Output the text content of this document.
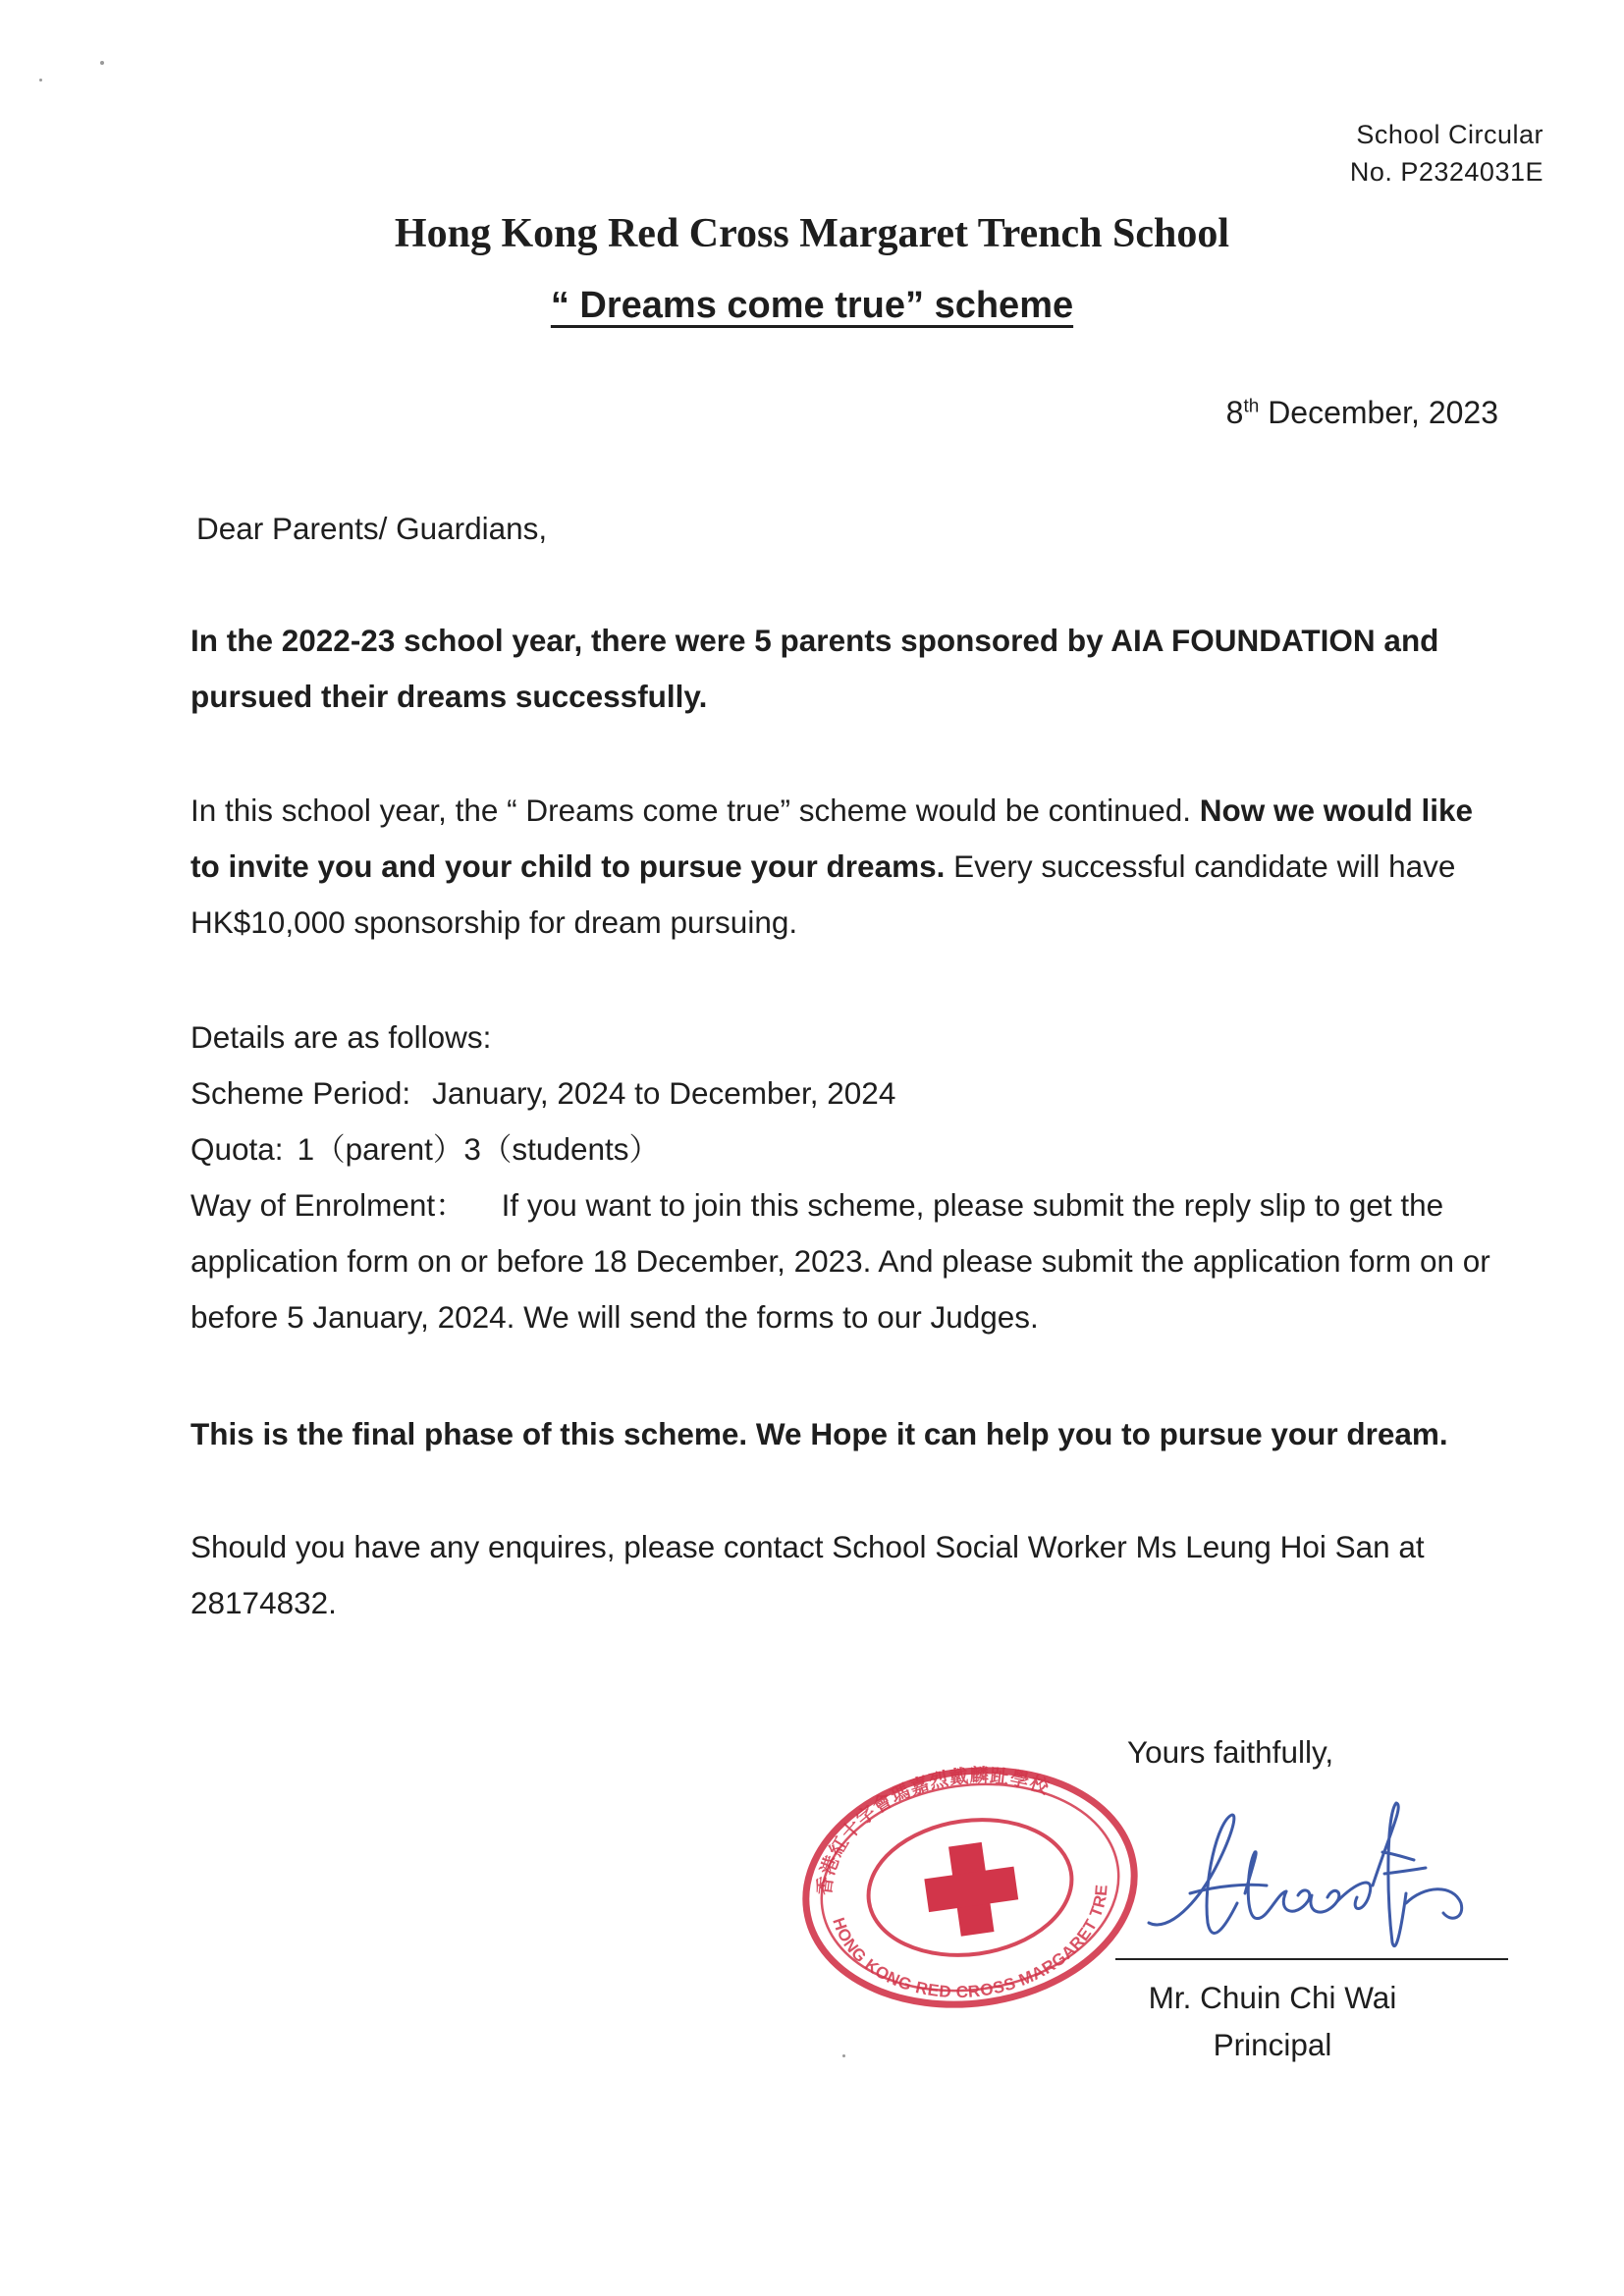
School Circular
No. P2324031E
Hong Kong Red Cross Margaret Trench School
“ Dreams come true” scheme
8th December, 2023
Dear Parents/ Guardians,
In the 2022-23 school year, there were 5 parents sponsored by AIA FOUNDATION and pursued their dreams successfully.
In this school year, the “ Dreams come true” scheme would be continued. Now we would like to invite you and your child to pursue your dreams. Every successful candidate will have HK$10,000 sponsorship for dream pursuing.
Details are as follows:
Scheme Period: January, 2024 to December, 2024
Quota: 1（parent）3（students）
Way of Enrolment： If you want to join this scheme, please submit the reply slip to get the application form on or before 18 December, 2023. And please submit the application form on or before 5 January, 2024. We will send the forms to our Judges.
This is the final phase of this scheme. We Hope it can help you to pursue your dream.
Should you have any enquires, please contact School Social Worker Ms Leung Hoi San at 28174832.
Yours faithfully,
香港紅十字會瑪嘉烈戴麟趾學校
HONG KONG RED CROSS MARGARET TRENCH
Mr. Chuin Chi Wai
Principal
